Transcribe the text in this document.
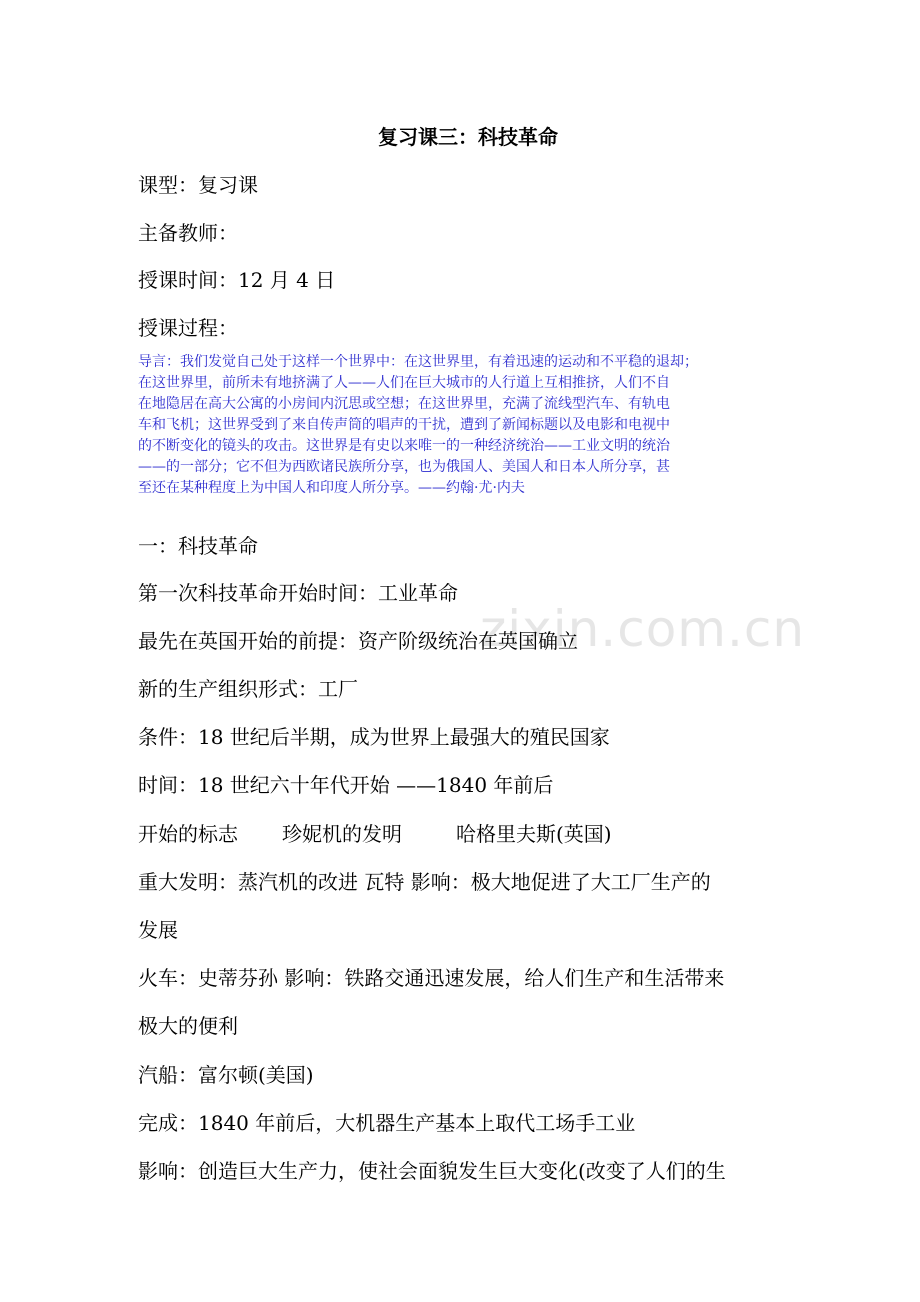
zixin.com.cn
复习课三：科技革命
课型：复习课
主备教师：
授课时间：12 月 4 日
授课过程：
导言：我们发觉自己处于这样一个世界中：在这世界里，有着迅速的运动和不平稳的退却；
在这世界里，前所未有地挤满了人——人们在巨大城市的人行道上互相推挤，人们不自
在地隐居在高大公寓的小房间内沉思或空想；在这世界里，充满了流线型汽车、有轨电
车和飞机；这世界受到了来自传声筒的唱声的干扰，遭到了新闻标题以及电影和电视中
的不断变化的镜头的攻击。这世界是有史以来唯一的一种经济统治——工业文明的统治
——的一部分；它不但为西欧诸民族所分享，也为俄国人、美国人和日本人所分享，甚
至还在某种程度上为中国人和印度人所分享。——约翰·尤·内夫
一：科技革命
第一次科技革命开始时间：工业革命
最先在英国开始的前提：资产阶级统治在英国确立
新的生产组织形式：工厂
条件：18 世纪后半期，成为世界上最强大的殖民国家
时间：18 世纪六十年代开始 ——1840 年前后
开始的标志 珍妮机的发明	哈格里夫斯(英国)
重大发明：蒸汽机的改进 瓦特 影响：极大地促进了大工厂生产的
发展
火车：史蒂芬孙 影响：铁路交通迅速发展，给人们生产和生活带来
极大的便利
汽船：富尔顿(美国)
完成：1840 年前后，大机器生产基本上取代工场手工业
影响：创造巨大生产力，使社会面貌发生巨大变化(改变了人们的生
